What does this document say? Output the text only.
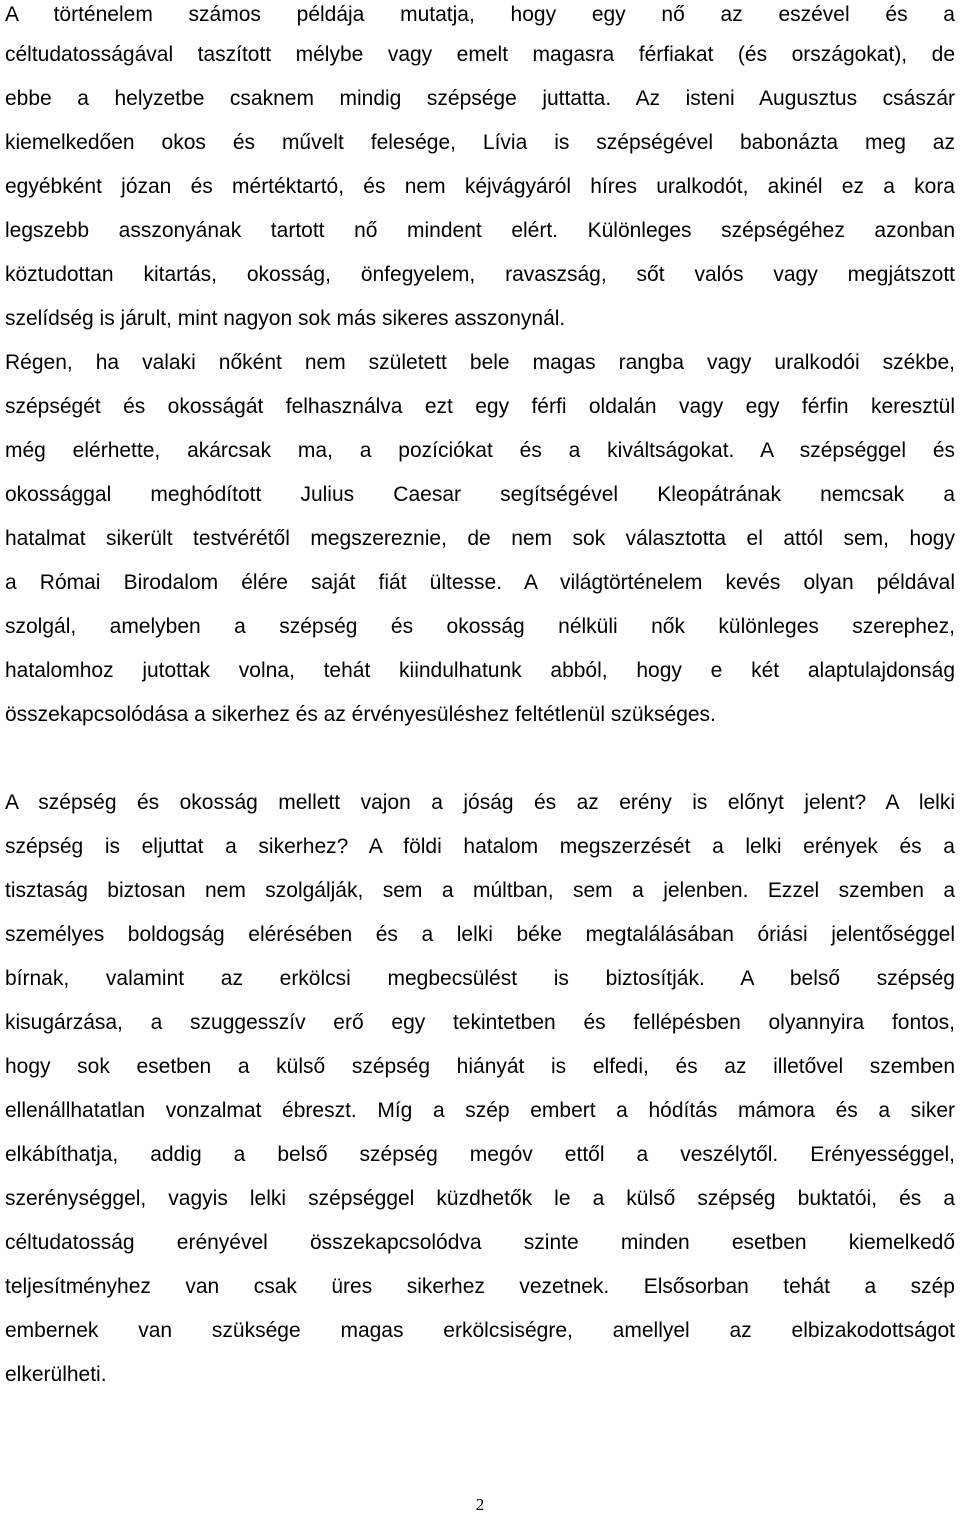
A történelem számos példája mutatja, hogy egy nő az eszével és a
céltudatosságával taszított mélybe vagy emelt magasra férfiakat (és országokat), de
ebbe a helyzetbe csaknem mindig szépsége juttatta. Az isteni Augusztus császár
kiemelkedően okos és művelt felesége, Lívia is szépségével babonázta meg az
egyébként józan és mértéktartó, és nem kéjvágyáról híres uralkodót, akinél ez a kora
legszebb asszonyának tartott nő mindent elért. Különleges szépségéhez azonban
köztudottan kitartás, okosság, önfegyelem, ravaszság, sőt valós vagy megjátszott
szelídség is járult, mint nagyon sok más sikeres asszonynál.
Régen, ha valaki nőként nem született bele magas rangba vagy uralkodói székbe,
szépségét és okosságát felhasználva ezt egy férfi oldalán vagy egy férfin keresztül
még elérhette, akárcsak ma, a pozíciókat és a kiváltságokat. A szépséggel és
okossággal meghódított Julius Caesar segítségével Kleopátrának nemcsak a
hatalmat sikerült testvérétől megszereznie, de nem sok választotta el attól sem, hogy
a Római Birodalom élére saját fiát ültesse. A világtörténelem kevés olyan példával
szolgál, amelyben a szépség és okosság nélküli nők különleges szerephez,
hatalomhoz jutottak volna, tehát kiindulhatunk abból, hogy e két alaptulajdonság
összekapcsolódása a sikerhez és az érvényesüléshez feltétlenül szükséges.
A szépség és okosság mellett vajon a jóság és az erény is előnyt jelent? A lelki
szépség is eljuttat a sikerhez? A földi hatalom megszerzését a lelki erények és a
tisztaság biztosan nem szolgálják, sem a múltban, sem a jelenben. Ezzel szemben a
személyes boldogság elérésében és a lelki béke megtalálásában óriási jelentőséggel
bírnak, valamint az erkölcsi megbecsülést is biztosítják. A belső szépség
kisugárzása, a szuggesszív erő egy tekintetben és fellépésben olyannyira fontos,
hogy sok esetben a külső szépség hiányát is elfedi, és az illetővel szemben
ellenállhatatlan vonzalmat ébreszt. Míg a szép embert a hódítás mámora és a siker
elkábíthatja, addig a belső szépség megóv ettől a veszélytől. Erényességgel,
szerénységgel, vagyis lelki szépséggel küzdhetők le a külső szépség buktatói, és a
céltudatosság erényével összekapcsolódva szinte minden esetben kiemelkedő
teljesítményhez van csak üres sikerhez vezetnek. Elsősorban tehát a szép
embernek van szüksége magas erkölcsiségre, amellyel az elbizakodottságot
elkerülheti.
2
